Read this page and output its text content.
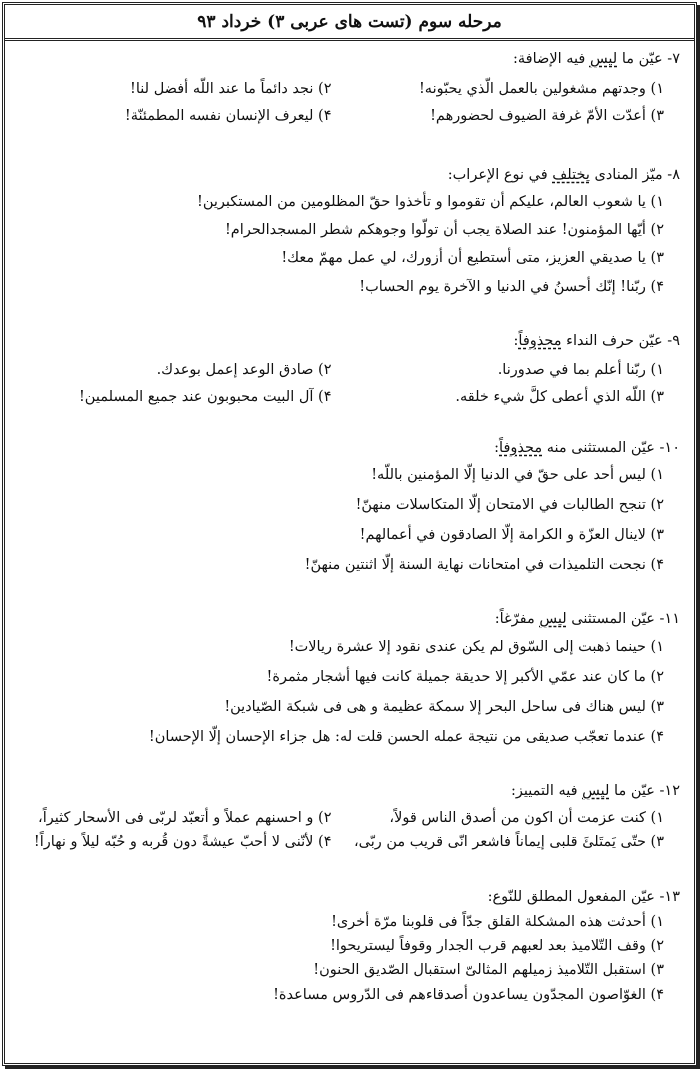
مرحله سوم (تست های عربی ۳) خرداد ۹۳
۷- عيّن ما ليس فيه الإضافة:
۱) وجدتهم مشغولين بالعمل الّذي يحبّونه!
۲) نجد دائماً ما عند اللّه أفضل لنا!
۳) أعدّت الأمّ غرفة الضيوف لحضورهم!
۴) ليعرف الإنسان نفسه المطمئنّة!
۸- ميّز المنادى يختلف في نوع الإعراب:
۱) يا شعوب العالم، عليكم أن تقوموا و تأخذوا حقّ المظلومين من المستكبرين!
۲) أيّها المؤمنون! عند الصلاة يجب أن تولّوا وجوهكم شطر المسجدالحرام!
۳) يا صديقي العزيز، متى أستطيع أن أزورك، لي عمل مهمّ معك!
۴) ربّنا! إنّك أحسنُ في الدنيا و الآخرة يوم الحساب!
۹- عيّن حرف النداء محذوفاً:
۱) ربّنا أعلم بما في صدورنا.
۲) صادق الوعد إعمل بوعدك.
۳) اللّه الذي أعطى كلَّ شيء خلقه.
۴) آل البيت محبوبون عند جميع المسلمين!
۱۰- عيّن المستثنى منه محذوفاً:
۱) ليس أحد على حقّ في الدنيا إلّا المؤمنين باللّه!
۲) تنجح الطالبات في الامتحان إلّا المتكاسلات منهنّ!
۳) لاينال العزّة و الكرامة إلّا الصادقون في أعمالهم!
۴) نجحت التلميذات في امتحانات نهاية السنة إلّا اثنتين منهنّ!
۱۱- عيّن المستثنى ليس مفرّغاً:
۱) حينما ذهبت إلى السّوق لم يكن عندى نقود إلا عشرة ريالات!
۲) ما كان عند عمّي الأكبر إلا حديقة جميلة كانت فيها أشجار مثمرة!
۳) ليس هناك فى ساحل البحر إلا سمكة عظيمة و هى فى شبكة الصّيادين!
۴) عندما تعجّب صديقى من نتيجة عمله الحسن قلت له: هل جزاء الإحسان إلّا الإحسان!
۱۲- عيّن ما ليس فيه التمييز:
۱) كنت عزمت أن اكون من أصدق الناس قولاً،
۲) و احسنهم عملاً و أتعبّد لربّى فى الأسحار كثيراً،
۳) حتّى يَمتَلئَ قلبى إيماناً فاشعر انّى قريب من ربّى،
۴) لأنّنى لا أحبّ عيشةً دون قُربه و حُبّه ليلاً و نهاراً!
۱۳- عيّن المفعول المطلق للنّوع:
۱) أحدثت هذه المشكلة القلق جدّاً فى قلوبنا مرّة أخرى!
۲) وقف التّلاميذ بعد لعبهم قرب الجدار وقوفاً ليستريحوا!
۳) استقبل التّلاميذ زميلهم المثالىّ استقبال الصّديق الحنون!
۴) الغوّاصون المجدّون يساعدون أصدقاءهم فى الدّروس مساعدة!
